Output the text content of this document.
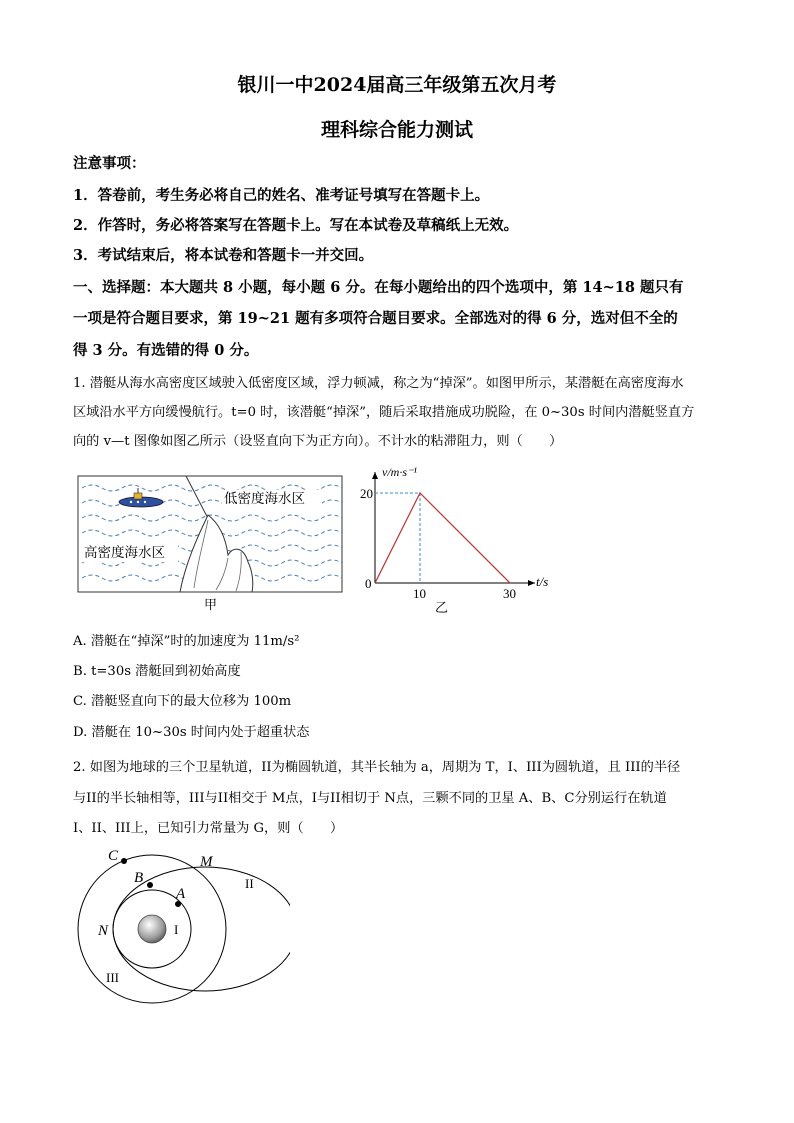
银川一中2024届高三年级第五次月考
理科综合能力测试
注意事项：
1．答卷前，考生务必将自己的姓名、准考证号填写在答题卡上。
2．作答时，务必将答案写在答题卡上。写在本试卷及草稿纸上无效。
3．考试结束后，将本试卷和答题卡一并交回。
一、选择题：本大题共 8 小题，每小题 6 分。在每小题给出的四个选项中，第 14~18 题只有
一项是符合题目要求，第 19~21 题有多项符合题目要求。全部选对的得 6 分，选对但不全的
得 3 分。有选错的得 0 分。
1. 潜艇从海水高密度区域驶入低密度区域，浮力顿减，称之为“掉深”。如图甲所示，某潜艇在高密度海水
区域沿水平方向缓慢航行。t=0 时，该潜艇“掉深”，随后采取措施成功脱险，在 0~30s 时间内潜艇竖直方
向的 v—t 图像如图乙所示（设竖直向下为正方向）。不计水的粘滞阻力，则（　　）
低密度海水区
高密度海水区
甲
v/m·s⁻¹
t/s
20
0
10	30
乙
A. 潜艇在“掉深”时的加速度为 11m/s²
B. t=30s 潜艇回到初始高度
C. 潜艇竖直向下的最大位移为 100m
D. 潜艇在 10~30s 时间内处于超重状态
2. 如图为地球的三个卫星轨道，II为椭圆轨道，其半长轴为 a，周期为 T，I、III为圆轨道，且 III的半径
与II的半长轴相等，III与II相交于 M点，I与II相切于 N点，三颗不同的卫星 A、B、C分别运行在轨道
I、II、III上，已知引力常量为 G，则（　　）
C	M
B
A
N
II
I
III
